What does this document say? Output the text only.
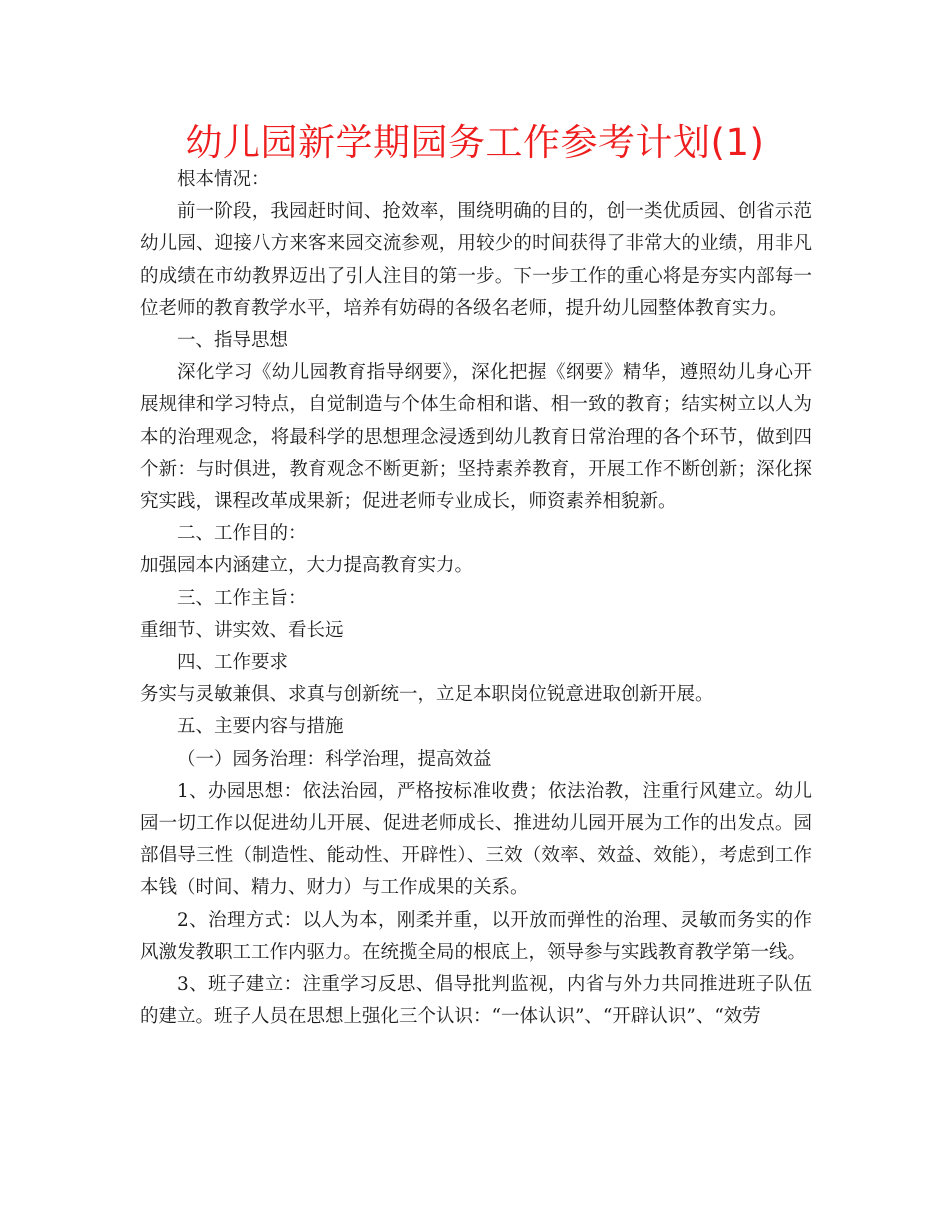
幼儿园新学期园务工作参考计划(1)

根本情况：

前一阶段，我园赶时间、抢效率，围绕明确的目的，创一类优质园、创省示范幼儿园、迎接八方来客来园交流参观，用较少的时间获得了非常大的业绩，用非凡的成绩在市幼教界迈出了引人注目的第一步。下一步工作的重心将是夯实内部每一位老师的教育教学水平，培养有妨碍的各级名老师，提升幼儿园整体教育实力。

一、指导思想

深化学习《幼儿园教育指导纲要》，深化把握《纲要》精华，遵照幼儿身心开展规律和学习特点，自觉制造与个体生命相和谐、相一致的教育；结实树立以人为本的治理观念，将最科学的思想理念浸透到幼儿教育日常治理的各个环节，做到四个新：与时俱进，教育观念不断更新；坚持素养教育，开展工作不断创新；深化探究实践，课程改革成果新；促进老师专业成长，师资素养相貌新。

二、工作目的：

加强园本内涵建立，大力提高教育实力。

三、工作主旨：

重细节、讲实效、看长远

四、工作要求

务实与灵敏兼俱、求真与创新统一，立足本职岗位锐意进取创新开展。

五、主要内容与措施

（一）园务治理：科学治理，提高效益

1、办园思想：依法治园，严格按标准收费；依法治教，注重行风建立。幼儿园一切工作以促进幼儿开展、促进老师成长、推进幼儿园开展为工作的出发点。园部倡导三性（制造性、能动性、开辟性）、三效（效率、效益、效能），考虑到工作本钱（时间、精力、财力）与工作成果的关系。

2、治理方式：以人为本，刚柔并重，以开放而弹性的治理、灵敏而务实的作风激发教职工工作内驱力。在统揽全局的根底上，领导参与实践教育教学第一线。

3、班子建立：注重学习反思、倡导批判监视，内省与外力共同推进班子队伍的建立。班子人员在思想上强化三个认识：“一体认识”、“开辟认识”、“效劳
